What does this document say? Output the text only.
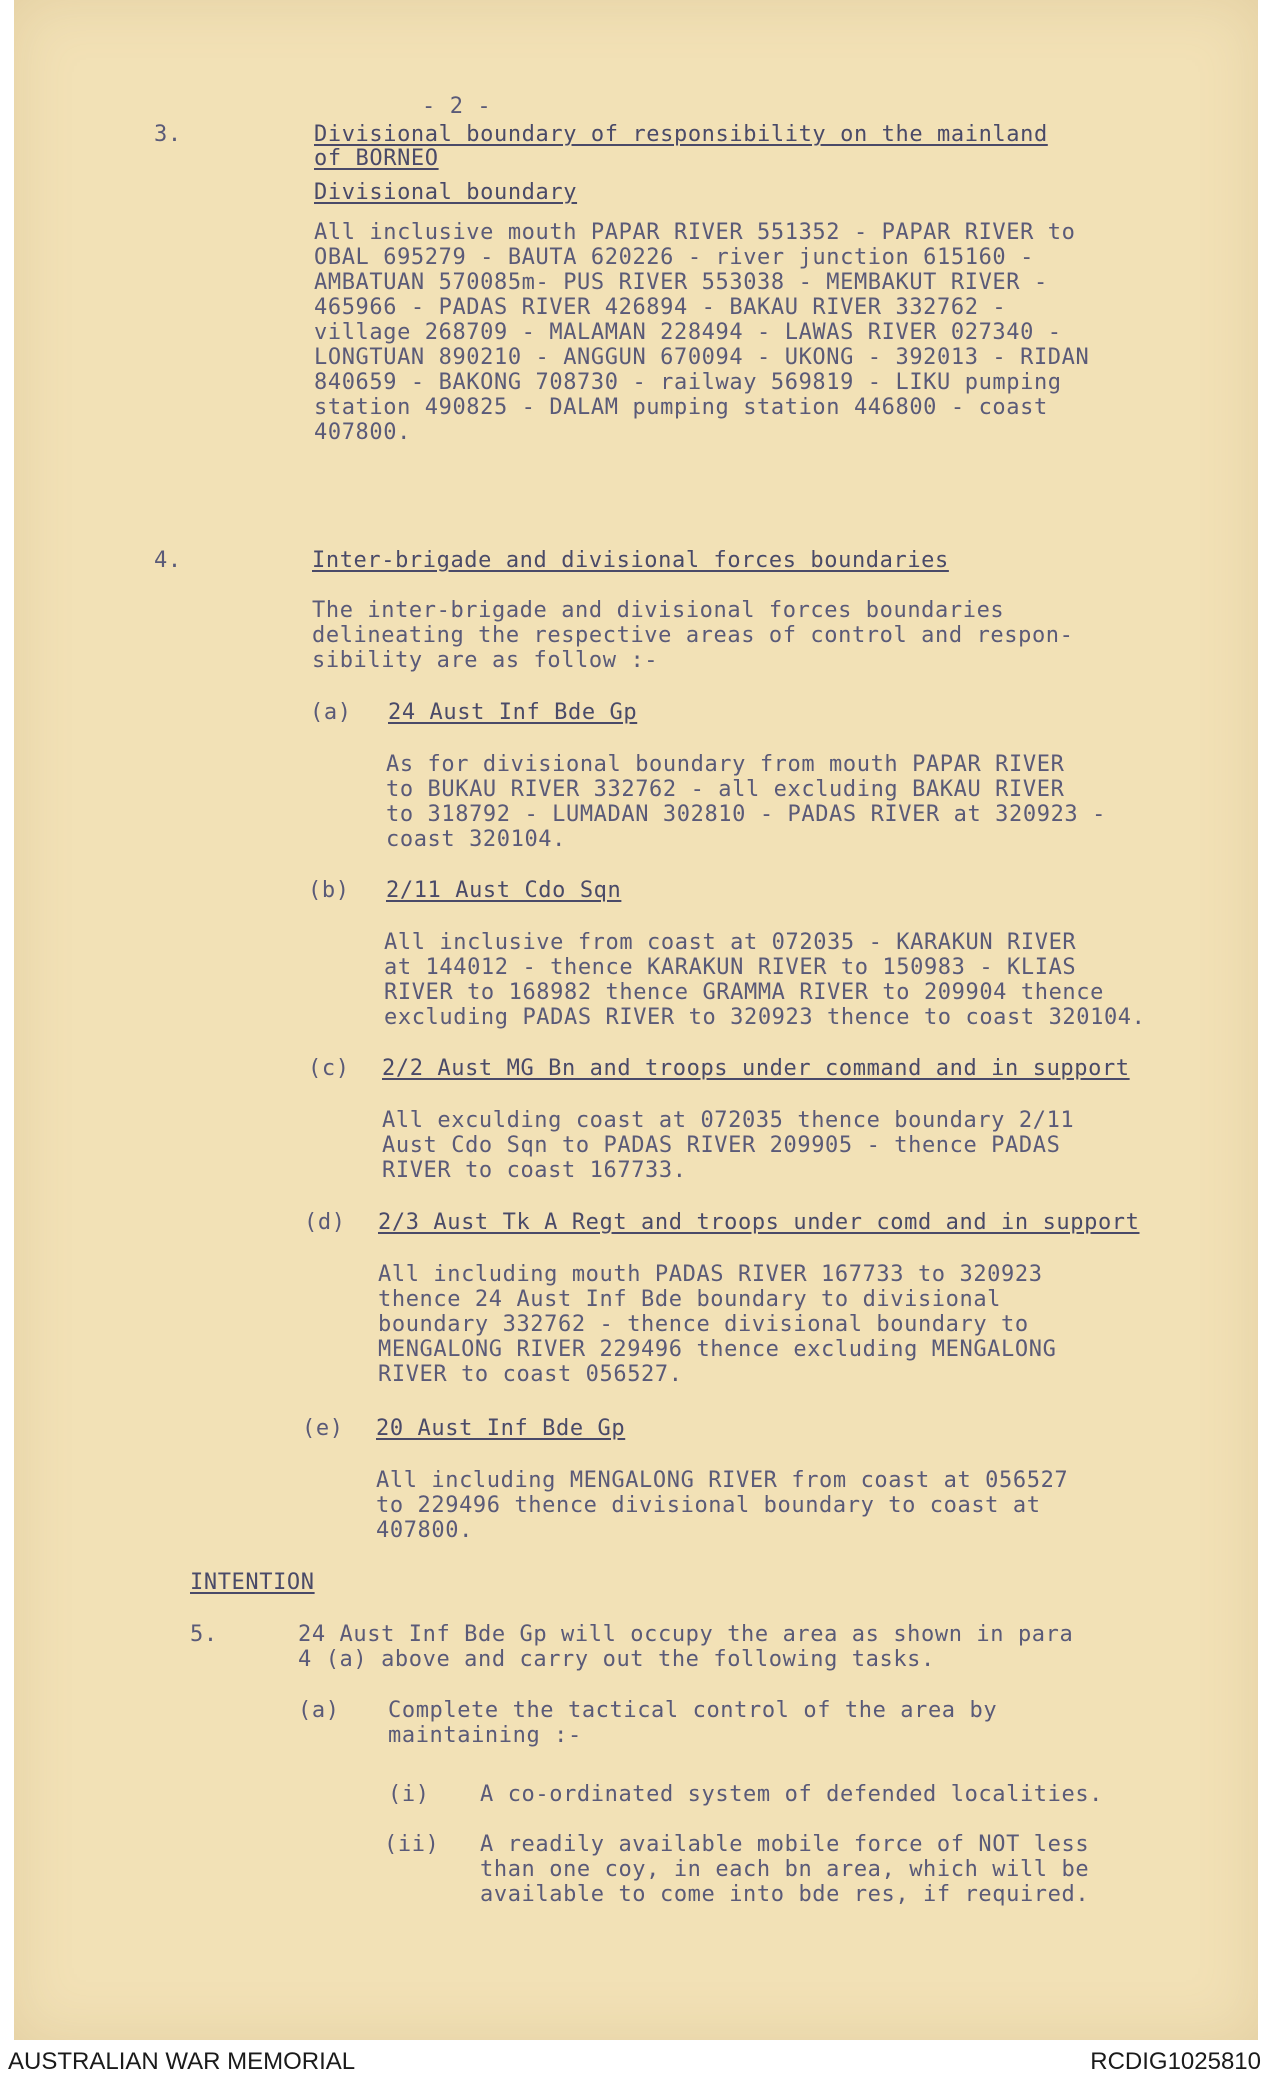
- 2 -
3.	Divisional boundary of responsibility on the mainland
of BORNEO
Divisional boundary
All inclusive mouth PAPAR RIVER 551352 - PAPAR RIVER to
OBAL 695279 - BAUTA 620226 - river junction 615160 -
AMBATUAN 570085m- PUS RIVER 553038 - MEMBAKUT RIVER -
465966 - PADAS RIVER 426894 - BAKAU RIVER 332762 -
village 268709 - MALAMAN 228494 - LAWAS RIVER 027340 -
LONGTUAN 890210 - ANGGUN 670094 - UKONG - 392013 - RIDAN
840659 - BAKONG 708730 - railway 569819 - LIKU pumping
station 490825 - DALAM pumping station 446800 - coast
407800.
4.	Inter-brigade and divisional forces boundaries
The inter-brigade and divisional forces boundaries
delineating the respective areas of control and respon-
sibility are as follow :-
(a) 24 Aust Inf Bde Gp
As for divisional boundary from mouth PAPAR RIVER
to BUKAU RIVER 332762 - all excluding BAKAU RIVER
to 318792 - LUMADAN 302810 - PADAS RIVER at 320923 -
coast 320104.
(b) 2/11 Aust Cdo Sqn
All inclusive from coast at 072035 - KARAKUN RIVER
at 144012 - thence KARAKUN RIVER to 150983 - KLIAS
RIVER to 168982 thence GRAMMA RIVER to 209904 thence
excluding PADAS RIVER to 320923 thence to coast 320104.
(c) 2/2 Aust MG Bn and troops under command and in support
All exculding coast at 072035 thence boundary 2/11
Aust Cdo Sqn to PADAS RIVER 209905 - thence PADAS
RIVER to coast 167733.
(d) 2/3 Aust Tk A Regt and troops under comd and in support
All including mouth PADAS RIVER 167733 to 320923
thence 24 Aust Inf Bde boundary to divisional
boundary 332762 - thence divisional boundary to
MENGALONG RIVER 229496 thence excluding MENGALONG
RIVER to coast 056527.
(e) 20 Aust Inf Bde Gp
All including MENGALONG RIVER from coast at 056527
to 229496 thence divisional boundary to coast at
407800.
INTENTION
5.	24 Aust Inf Bde Gp will occupy the area as shown in para
4 (a) above and carry out the following tasks.
(a) Complete the tactical control of the area by
maintaining :-
(i) A co-ordinated system of defended localities.
(ii) A readily available mobile force of NOT less
than one coy, in each bn area, which will be
available to come into bde res, if required.
AUSTRALIAN WAR MEMORIAL	RCDIG1025810
